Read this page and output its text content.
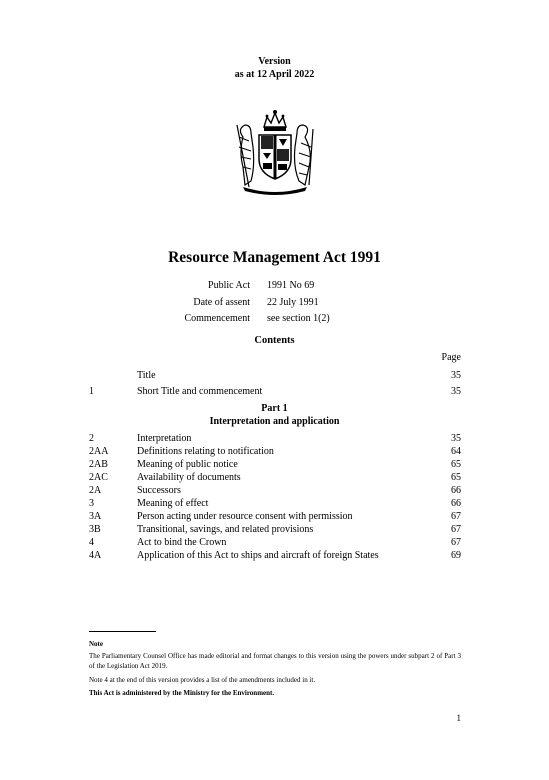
Version
as at 12 April 2022
Resource Management Act 1991
Public Act	1991 No 69
Date of assent	22 July 1991
Commencement	see section 1(2)
Contents
Page
Title	35
1	Short Title and commencement	35
Part 1
Interpretation and application
2	Interpretation	35
2AA	Definitions relating to notification	64
2AB	Meaning of public notice	65
2AC	Availability of documents	65
2A	Successors	66
3	Meaning of effect	66
3A	Person acting under resource consent with permission	67
3B	Transitional, savings, and related provisions	67
4	Act to bind the Crown	67
4A	Application of this Act to ships and aircraft of foreign States	69
Note
The Parliamentary Counsel Office has made editorial and format changes to this version using the powers under subpart 2 of Part 3 of the Legislation Act 2019.
Note 4 at the end of this version provides a list of the amendments included in it.
This Act is administered by the Ministry for the Environment.
1
